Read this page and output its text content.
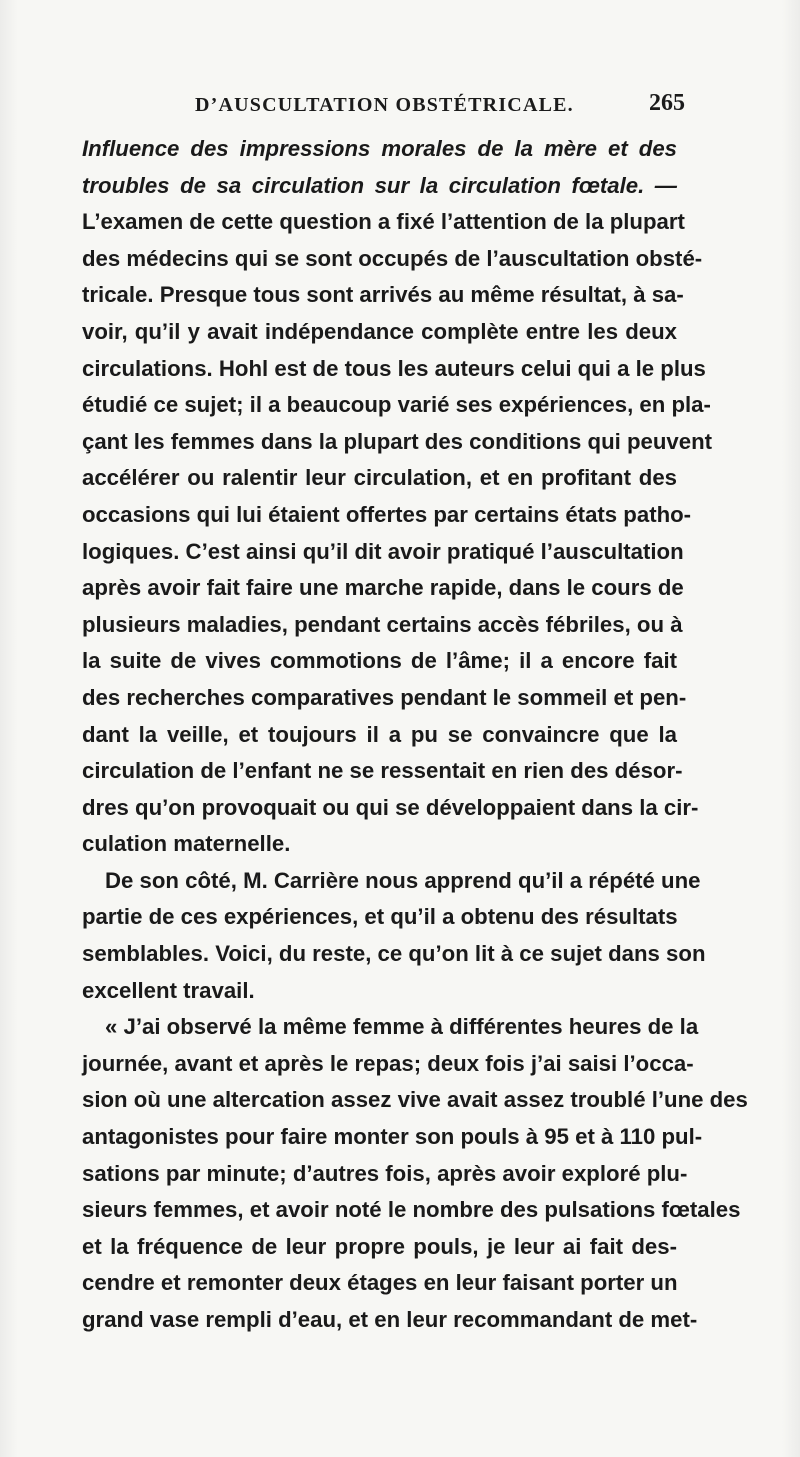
D’AUSCULTATION OBSTÉTRICALE.	265
Influence des impressions morales de la mère et des
troubles de sa circulation sur la circulation fœtale. —
L’examen de cette question a fixé l’attention de la plupart
des médecins qui se sont occupés de l’auscultation obsté-
tricale. Presque tous sont arrivés au même résultat, à sa-
voir, qu’il y avait indépendance complète entre les deux
circulations. Hohl est de tous les auteurs celui qui a le plus
étudié ce sujet; il a beaucoup varié ses expériences, en pla-
çant les femmes dans la plupart des conditions qui peuvent
accélérer ou ralentir leur circulation, et en profitant des
occasions qui lui étaient offertes par certains états patho-
logiques. C’est ainsi qu’il dit avoir pratiqué l’auscultation
après avoir fait faire une marche rapide, dans le cours de
plusieurs maladies, pendant certains accès fébriles, ou à
la suite de vives commotions de l’âme; il a encore fait
des recherches comparatives pendant le sommeil et pen-
dant la veille, et toujours il a pu se convaincre que la
circulation de l’enfant ne se ressentait en rien des désor-
dres qu’on provoquait ou qui se développaient dans la cir-
culation maternelle.
De son côté, M. Carrière nous apprend qu’il a répété une
partie de ces expériences, et qu’il a obtenu des résultats
semblables. Voici, du reste, ce qu’on lit à ce sujet dans son
excellent travail.
« J’ai observé la même femme à différentes heures de la
journée, avant et après le repas; deux fois j’ai saisi l’occa-
sion où une altercation assez vive avait assez troublé l’une des
antagonistes pour faire monter son pouls à 95 et à 110 pul-
sations par minute; d’autres fois, après avoir exploré plu-
sieurs femmes, et avoir noté le nombre des pulsations fœtales
et la fréquence de leur propre pouls, je leur ai fait des-
cendre et remonter deux étages en leur faisant porter un
grand vase rempli d’eau, et en leur recommandant de met-
